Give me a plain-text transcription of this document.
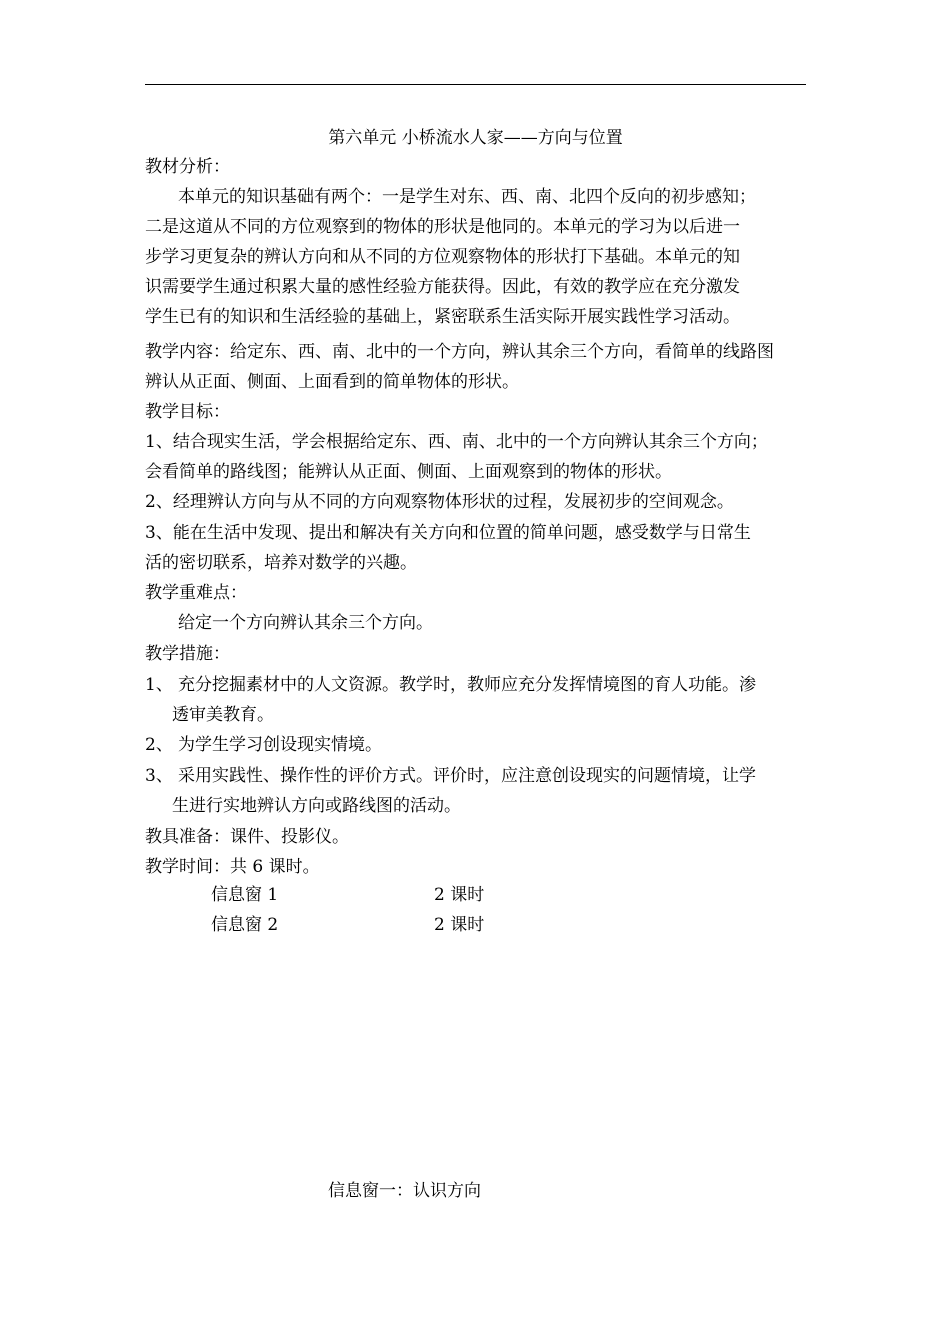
第六单元 小桥流水人家——方向与位置
教材分析：
本单元的知识基础有两个：一是学生对东、西、南、北四个反向的初步感知；
二是这道从不同的方位观察到的物体的形状是他同的。本单元的学习为以后进一
步学习更复杂的辨认方向和从不同的方位观察物体的形状打下基础。本单元的知
识需要学生通过积累大量的感性经验方能获得。因此，有效的教学应在充分激发
学生已有的知识和生活经验的基础上，紧密联系生活实际开展实践性学习活动。
教学内容：给定东、西、南、北中的一个方向，辨认其余三个方向，看简单的线路图
辨认从正面、侧面、上面看到的简单物体的形状。
教学目标：
1、结合现实生活，学会根据给定东、西、南、北中的一个方向辨认其余三个方向；
会看简单的路线图；能辨认从正面、侧面、上面观察到的物体的形状。
2、经理辨认方向与从不同的方向观察物体形状的过程，发展初步的空间观念。
3、能在生活中发现、提出和解决有关方向和位置的简单问题，感受数学与日常生
活的密切联系，培养对数学的兴趣。
教学重难点：
给定一个方向辨认其余三个方向。
教学措施：
1、 充分挖掘素材中的人文资源。教学时，教师应充分发挥情境图的育人功能。渗
透审美教育。
2、 为学生学习创设现实情境。
3、 采用实践性、操作性的评价方式。评价时，应注意创设现实的问题情境，让学
生进行实地辨认方向或路线图的活动。
教具准备：课件、投影仪。
教学时间：共 6 课时。
信息窗 1	2 课时
信息窗 2	2 课时
信息窗一：认识方向
